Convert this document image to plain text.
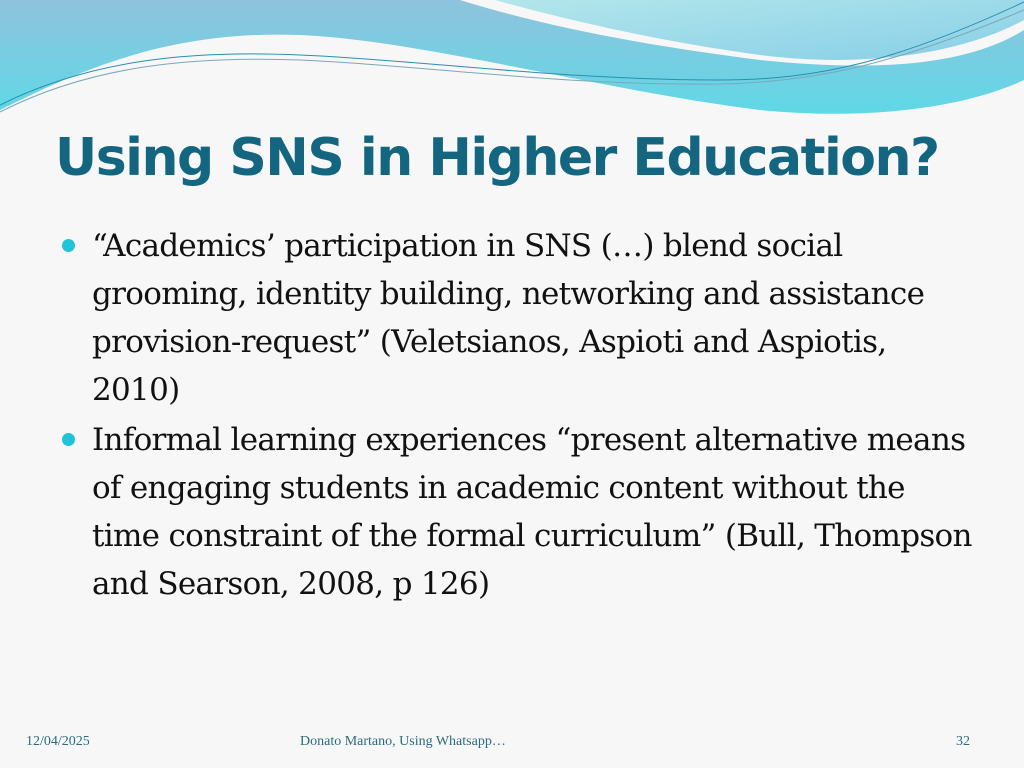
Using SNS in Higher Education?
“Academics’ participation in SNS (…) blend social grooming, identity building, networking and assistance provision-request” (Veletsianos, Aspioti and Aspiotis, 2010)
Informal learning experiences “present alternative means of engaging students in academic content without the time constraint of the formal curriculum” (Bull, Thompson and Searson, 2008, p 126)
12/04/2025	Donato Martano, Using Whatsapp…	32
